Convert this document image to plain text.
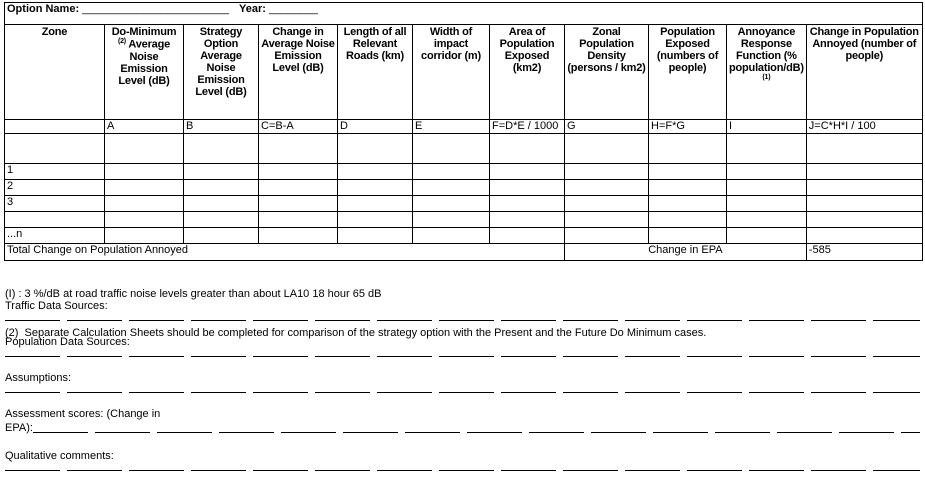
Option Name: ________________________ Year: ________										
Zone	Do-Minimum $^{(2)}$ Average Noise Emission Level (dB)	Strategy Option Average Noise Emission Level (dB)	Change in Average Noise Emission Level (dB)	Length of all Relevant Roads (km)	Width of impact corridor (m)	Area of Population Exposed (km2)	Zonal Population Density (persons / km2)	Population Exposed (numbers of people)	Annoyance Response Function (% population/dB) $^{(1)}$	Change in Population Annoyed (number of people)
	A	B	C=B-A	D	E	F=D*E / 1000	G	H=F*G	I	J=C*H*I / 100

1										
2										
3										

...n										
Total Change on Population Annoyed							Change in EPA			-585

(I) : 3 %/dB at road traffic noise levels greater than about LA10 18 hour 65 dB

(2)  Separate Calculation Sheets should be completed for comparison of the strategy option with the Present and the Future Do Minimum cases.

Traffic Data Sources:
Population Data Sources:
Assumptions:
Assessment scores: (Change in
EPA):
Qualitative comments:
